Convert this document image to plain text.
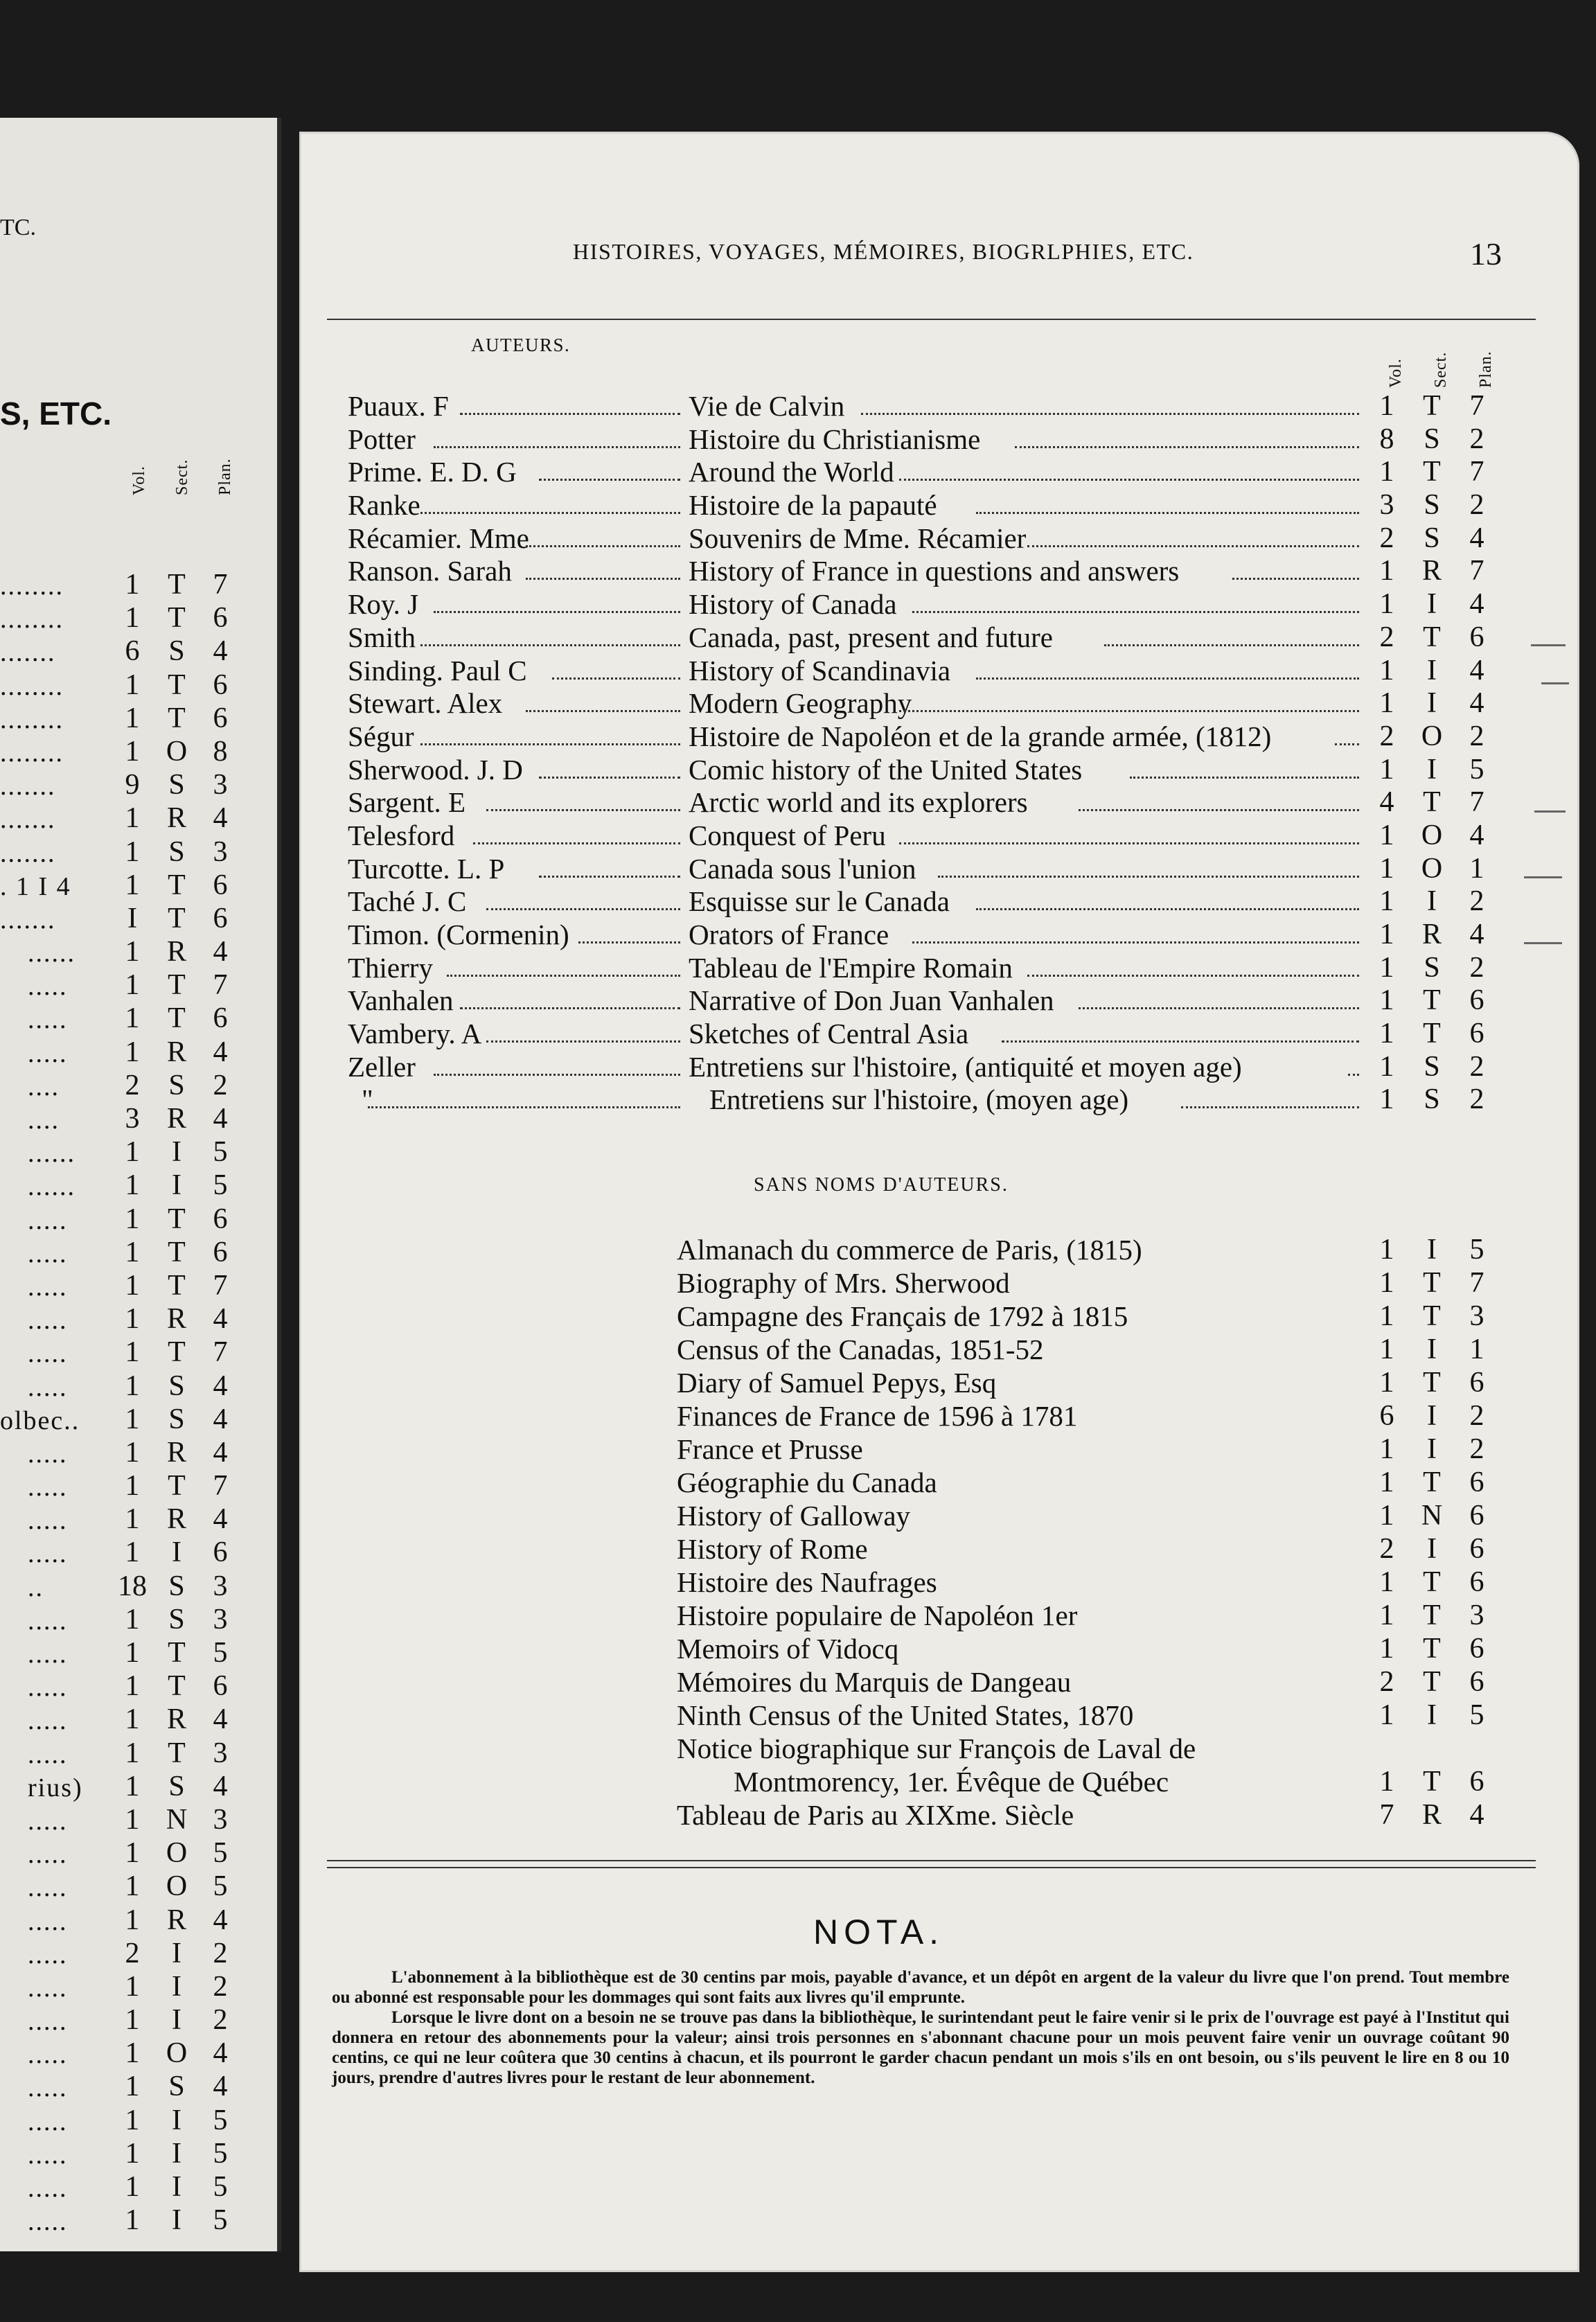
TC.
S, ETC.
Vol. Sect. Plan.
........ 1 T 7
........ 1 T 6
....... 6 S 4
........ 1 T 6
........ 1 T 6
........ 1 O 8
....... 9 S 3
....... 1 R 4
....... 1 S 3
. 1 I 4 1 T 6
.......	I	T 6
...... 1 R 4
..... 1 T 7
..... 1 T 6
..... 1 R 4
.... 2 S 2
.... 3 R 4
...... 1	I	5
...... 1	I	5
..... 1 T 6
..... 1 T 6
..... 1 T 7
..... 1 R 4
..... 1 T 7
..... 1 S 4
olbec.. 1 S 4
..... 1 R 4
..... 1 T 7
..... 1 R 4
..... 1	I	6
..	18 S 3
..... 1 S 3
..... 1 T 5
..... 1 T 6
..... 1 R 4
..... 1 T 3
rius) 1 S 4
..... 1 N 3
..... 1 O 5
..... 1 O 5
..... 1 R 4
..... 2	I	2
..... 1	I	2
..... 1	I	2
..... 1 O 4
..... 1 S 4
..... 1	I	5
..... 1	I	5
..... 1	I	5
..... 1	I	5
HISTOIRES, VOYAGES, MÉMOIRES, BIOGRLPHIES, ETC.	13
AUTEURS.
Vol. Sect. Plan.
Puaux. F	Vie de Calvin	1 T 7
Potter	Histoire du Christianisme	8	S	2
Prime. E. D. G	Around the World	1 T 7
Ranke	Histoire de la papauté	3	S	2
Récamier. Mme	Souvenirs de Mme. Récamier	2	S	4
Ranson. Sarah	History of France in questions and answers	1 R 7
Roy. J	History of Canada	1	I	4
Smith	Canada, past, present and future	2 T 6
Sinding. Paul C	History of Scandinavia	1	I	4
Stewart. Alex	Modern Geography	1	I	4
Ségur	Histoire de Napoléon et de la grande armée, (1812)	2 O 2
Sherwood. J. D	Comic history of the United States	1	I	5
Sargent. E	Arctic world and its explorers	4 T 7
Telesford	Conquest of Peru	1 O 4
Turcotte. L. P	Canada sous l'union	1 O 1
Taché J. C	Esquisse sur le Canada	1	I	2
Timon. (Cormenin)	Orators of France	1 R 4
Thierry	Tableau de l'Empire Romain	1	S	2
Vanhalen	Narrative of Don Juan Vanhalen	1 T 6
Vambery. A	Sketches of Central Asia	1 T 6
Zeller	Entretiens sur l'histoire, (antiquité et moyen age)	1	S	2
"	Entretiens sur l'histoire, (moyen age)	1	S	2
SANS NOMS D'AUTEURS.
Almanach du commerce de Paris, (1815)	1	I	5
Biography of Mrs. Sherwood	1 T 7
Campagne des Français de 1792 à 1815	1 T 3
Census of the Canadas, 1851-52	1	I	1
Diary of Samuel Pepys, Esq	1 T 6
Finances de France de 1596 à 1781	6	I	2
France et Prusse	1	I	2
Géographie du Canada	1 T 6
History of Galloway	1 N 6
History of Rome	2	I	6
Histoire des Naufrages	1 T 6
Histoire populaire de Napoléon 1er	1 T 3
Memoirs of Vidocq	1 T 6
Mémoires du Marquis de Dangeau	2 T 6
Ninth Census of the United States, 1870	1	I	5
Notice biographique sur François de Laval de
Montmorency, 1er. Évêque de Québec	1 T 6
Tableau de Paris au XIXme. Siècle	7 R 4
NOTA.

L'abonnement à la bibliothèque est de 30 centins par mois, payable d'avance, et un dépôt en argent de la valeur du livre que l'on prend. Tout membre ou abonné est responsable pour les dommages qui sont faits aux livres qu'il emprunte.

Lorsque le livre dont on a besoin ne se trouve pas dans la bibliothèque, le surintendant peut le faire venir si le prix de l'ouvrage est payé à l'Institut qui donnera en retour des abonnements pour la valeur; ainsi trois personnes en s'abonnant chacune pour un mois peuvent faire venir un ouvrage coûtant 90 centins, ce qui ne leur coûtera que 30 centins à chacun, et ils pourront le garder chacun pendant un mois s'ils en ont besoin, ou s'ils peuvent le lire en 8 ou 10 jours, prendre d'autres livres pour le restant de leur abonnement.
